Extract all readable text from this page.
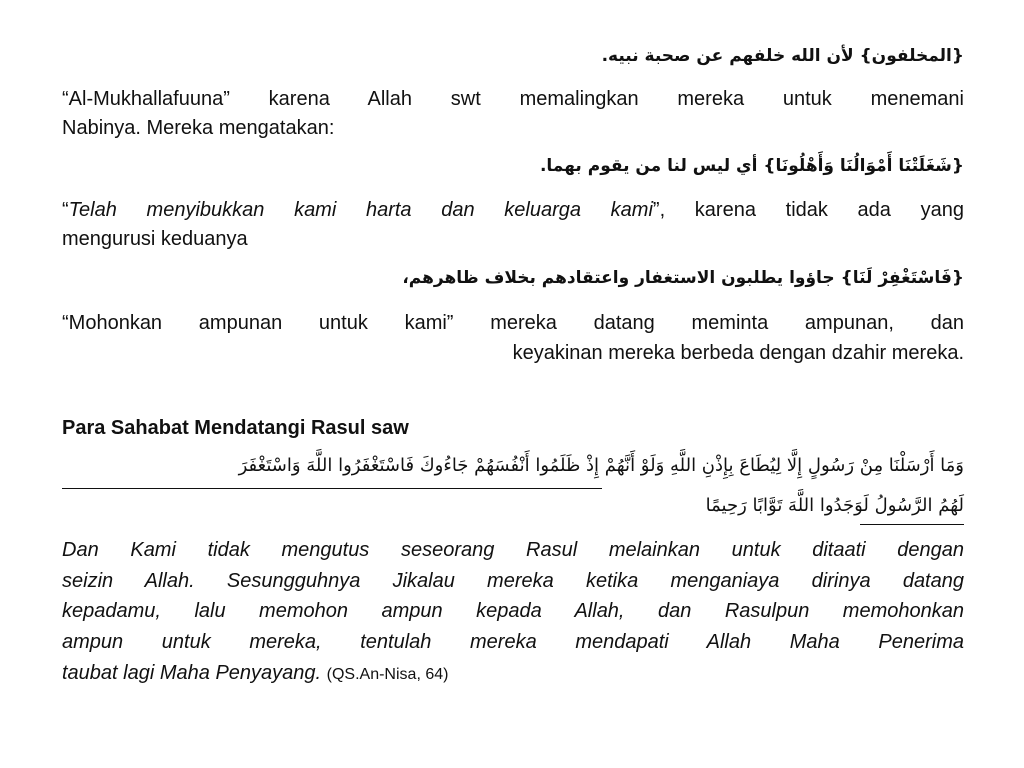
{المخلفون} لأن الله خلفهم عن صحبة نبيه.

“Al-Mukhallafuuna” karena Allah swt memalingkan mereka untuk menemani

Nabinya. Mereka mengatakan:

{شَغَلَتْنَا أَمْوَالُنَا وَأَهْلُونَا} أي ليس لنا من يقوم بهما.

“Telah menyibukkan kami harta dan keluarga kami”, karena tidak ada yang

mengurusi keduanya

{فَاسْتَغْفِرْ لَنَا} جاؤوا يطلبون الاستغفار واعتقادهم بخلاف ظاهرهم،

“Mohonkan ampunan untuk kami” mereka datang meminta ampunan, dan

keyakinan mereka berbeda dengan dzahir mereka.

Para Sahabat Mendatangi Rasul saw

وَمَا أَرْسَلْنَا مِنْ رَسُولٍ إِلَّا لِيُطَاعَ بِإِذْنِ اللَّهِ وَلَوْ أَنَّهُمْ إِذْ ظَلَمُوا أَنْفُسَهُمْ جَاءُوكَ فَاسْتَغْفَرُوا اللَّهَ وَاسْتَغْفَرَ

لَهُمُ الرَّسُولُ لَوَجَدُوا اللَّهَ تَوَّابًا رَحِيمًا

Dan Kami tidak mengutus seseorang Rasul melainkan untuk ditaati dengan

seizin Allah. Sesungguhnya Jikalau mereka ketika menganiaya dirinya datang

kepadamu, lalu memohon ampun kepada Allah, dan Rasulpun memohonkan

ampun untuk mereka, tentulah mereka mendapati Allah Maha Penerima

taubat lagi Maha Penyayang. (QS.An-Nisa, 64)
